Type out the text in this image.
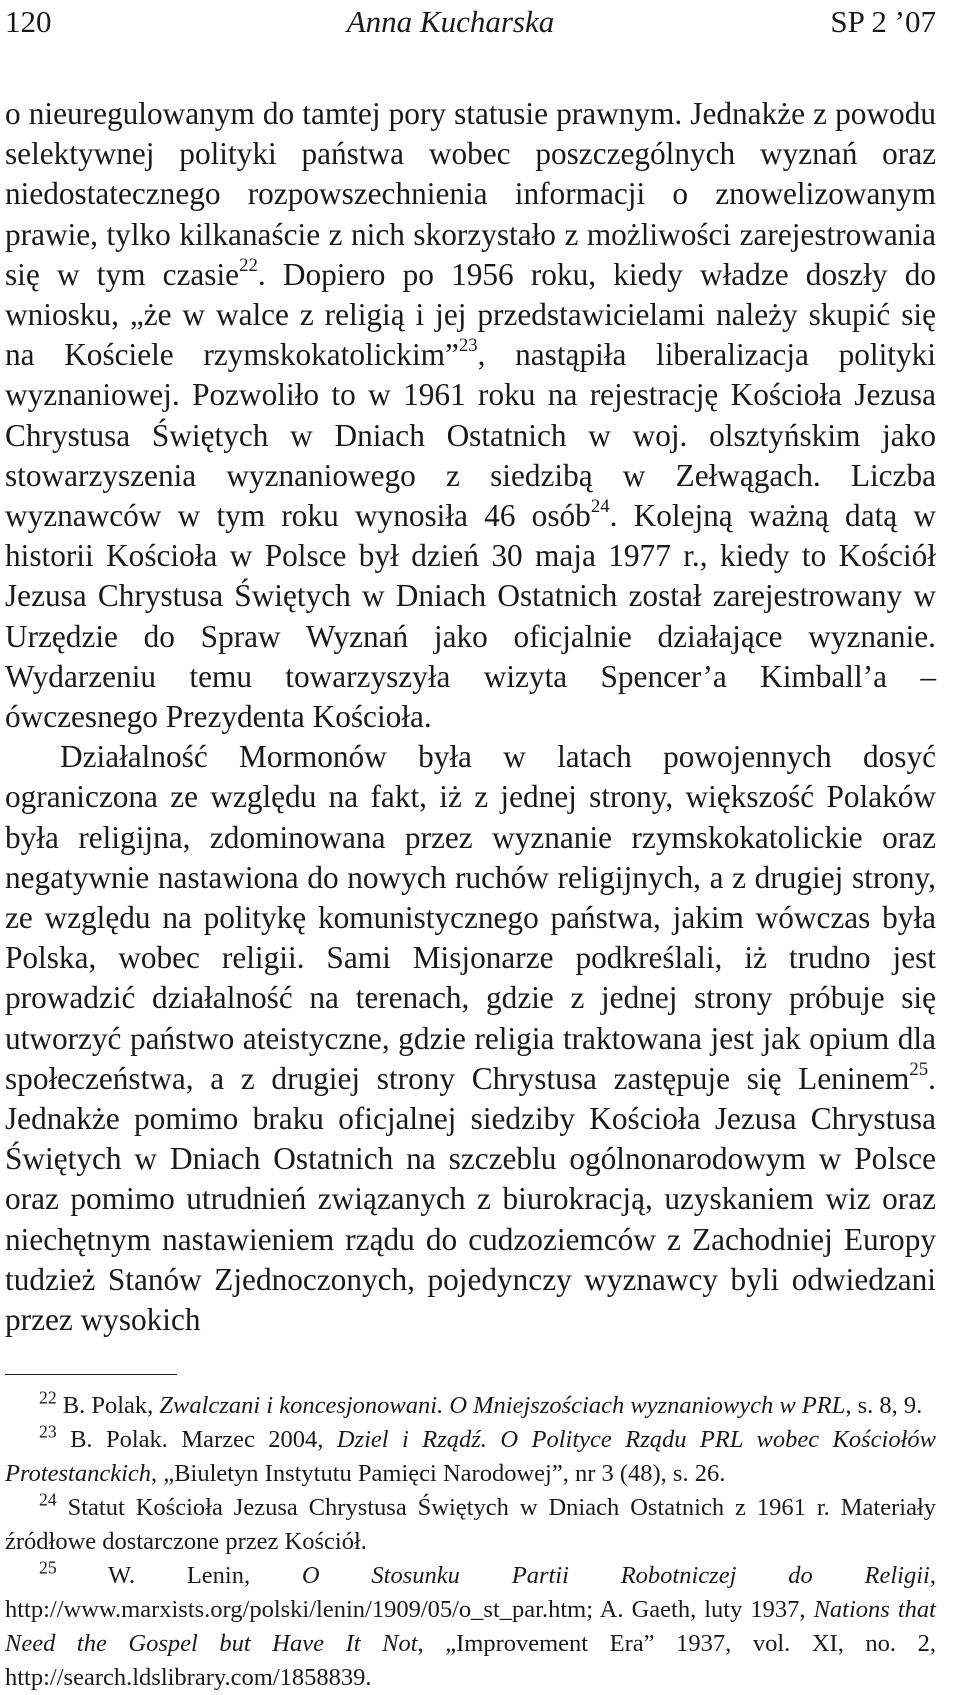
120	Anna Kucharska	SP 2 ’07

o nieuregulowanym do tamtej pory statusie prawnym. Jednakże z powodu selektywnej polityki państwa wobec poszczególnych wyznań oraz niedostatecznego rozpowszechnienia informacji o znowelizowanym prawie, tylko kilkanaście z nich skorzystało z możliwości zarejestrowania się w tym czasie$^{22}$. Dopiero po 1956 roku, kiedy władze doszły do wniosku, „że w walce z religią i jej przedstawicielami należy skupić się na Kościele rzymskokatolickim”$^{23}$, nastąpiła liberalizacja polityki wyznaniowej. Pozwoliło to w 1961 roku na rejestrację Kościoła Jezusa Chrystusa Świętych w Dniach Ostatnich w woj. olsztyńskim jako stowarzyszenia wyznaniowego z siedzibą w Zełwągach. Liczba wyznawców w tym roku wynosiła 46 osób$^{24}$. Kolejną ważną datą w historii Kościoła w Polsce był dzień 30 maja 1977 r., kiedy to Kościół Jezusa Chrystusa Świętych w Dniach Ostatnich został zarejestrowany w Urzędzie do Spraw Wyznań jako oficjalnie działające wyznanie. Wydarzeniu temu towarzyszyła wizyta Spencer’a Kimball’a – ówczesnego Prezydenta Kościoła.

Działalność Mormonów była w latach powojennych dosyć ograniczona ze względu na fakt, iż z jednej strony, większość Polaków była religijna, zdominowana przez wyznanie rzymskokatolickie oraz negatywnie nastawiona do nowych ruchów religijnych, a z drugiej strony, ze względu na politykę komunistycznego państwa, jakim wówczas była Polska, wobec religii. Sami Misjonarze podkreślali, iż trudno jest prowadzić działalność na terenach, gdzie z jednej strony próbuje się utworzyć państwo ateistyczne, gdzie religia traktowana jest jak opium dla społeczeństwa, a z drugiej strony Chrystusa zastępuje się Leninem$^{25}$. Jednakże pomimo braku oficjalnej siedziby Kościoła Jezusa Chrystusa Świętych w Dniach Ostatnich na szczeblu ogólnonarodowym w Polsce oraz pomimo utrudnień związanych z biurokracją, uzyskaniem wiz oraz niechętnym nastawieniem rządu do cudzoziemców z Zachodniej Europy tudzież Stanów Zjednoczonych, pojedynczy wyznawcy byli odwiedzani przez wysokich

$^{22}$ B. Polak, Zwalczani i koncesjonowani. O Mniejszościach wyznaniowych w PRL, s. 8, 9.

$^{23}$ B. Polak. Marzec 2004, Dziel i Rządź. O Polityce Rządu PRL wobec Kościołów Protestanckich, „Biuletyn Instytutu Pamięci Narodowej”, nr 3 (48), s. 26.

$^{24}$ Statut Kościoła Jezusa Chrystusa Świętych w Dniach Ostatnich z 1961 r. Materiały źródłowe dostarczone przez Kościół.

$^{25}$ W. Lenin, O Stosunku Partii Robotniczej do Religii, http://www.marxists.org/polski/lenin/1909/05/o_st_par.htm; A. Gaeth, luty 1937, Nations that Need the Gospel but Have It Not, „Improvement Era” 1937, vol. XI, no. 2, http://search.ldslibrary.com/1858839.
